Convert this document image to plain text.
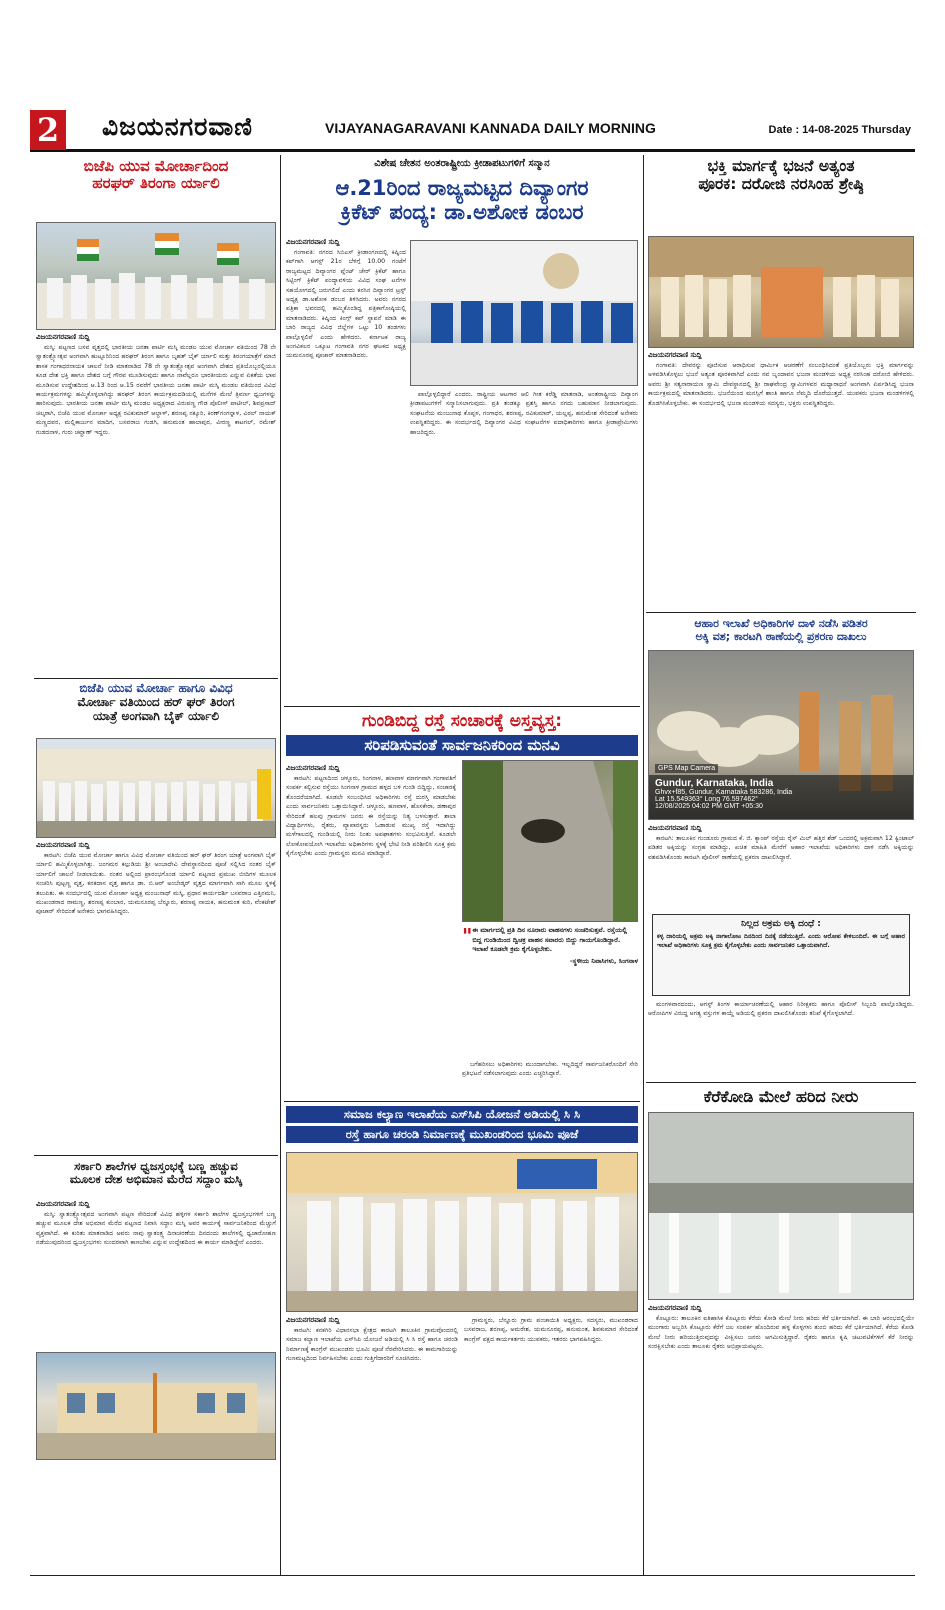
2 ವಿಜಯನಗರವಾಣಿ	VIJAYANAGARAVANI KANNADA DAILY MORNING	Date : 14-08-2025 Thursday
ಬಿಜೆಪಿ ಯುವ ಮೋರ್ಚಾದಿಂದ
ಹರಘರ್ ತಿರಂಗಾ ರ್ಯಾಲಿ
ವಿಜಯನಗರವಾಣಿ ಸುದ್ದಿ

ಮಸ್ಕಿ: ಪಟ್ಟಣದ ಬಸವ ವೃತ್ತದಲ್ಲಿ ಭಾರತೀಯ ಜನತಾ ಪಾರ್ಟಿ ಮಸ್ಕಿ ಮಂಡಲ ಯುವ ಮೋರ್ಚಾ ವತಿಯಿಂದ 78 ನೇ ಸ್ವಾತಂತ್ರ್ಯೋತ್ಸವ ಅಂಗವಾಗಿ ಹುಟ್ಟೂರಿನಿಂದ ಹರಘರ್ ತಿರಂಗ ಹಾಗೂ ಬೃಹತ್ ಬೈಕ್ ರ್ಯಾಲಿ ಮತ್ತು ತಿರಂಗಯಾತ್ರೆಗೆ ಮಾಜಿ ಶಾಸಕ ಗಂಗಾಧರನಾಯಕ ಚಾಲನೆ ನೀಡಿ ಮಾತನಾಡಿದ 78 ನೇ ಸ್ವಾತಂತ್ರ್ಯೋತ್ಸವ ಅಂಗವಾಗಿ ದೇಶದ ಪ್ರತಿಯೊಬ್ಬರಲ್ಲಿಯೂ ಕೂಡ ದೇಶ ಭಕ್ತಿ ಹಾಗೂ ದೇಶದ ಬಗ್ಗೆ ಗೌರವ ಮೂಡಿಸುವುದು ಹಾಗೂ ನಾವೆಲ್ಲರೂ ಭಾರತೀಯರು ಎನ್ನುವ ಏಕತೆಯ ಭಾವ ಮೂಡಿಸುವ ಉದ್ದೇಶದಿಂದ ಆ.13 ರಿಂದ ಆ.15 ರವರೆಗೆ ಭಾರತೀಯ ಜನತಾ ಪಾರ್ಟಿ ಮಸ್ಕಿ ಮಂಡಲ ವತಿಯಿಂದ ವಿವಿಧ ಕಾರ್ಯಕ್ರಮಗಳನ್ನು ಹಮ್ಮಿಕೊಳ್ಳಲಾಗಿದ್ದು ಹರಘರ್ ತಿರಂಗ ಕಾರ್ಯಕ್ರಮದಡಿಯಲ್ಲಿ ಮನೆಗಳ ಮೇಲೆ ತ್ರಿವರ್ಣ ಧ್ವಜಗಳನ್ನು ಹಾರಿಸುವುದು. ಭಾರತೀಯ ಜನತಾ ಪಾರ್ಟಿ ಮಸ್ಕಿ ಮಂಡಲ ಅಧ್ಯಕ್ಷರಾದ ವಿರುಪಣ್ಣ ಗೌಡ ಪೊಲೀಸ್ ಪಾಟೀಲ್, ಶಿವಪ್ರಸಾದ್ ಚಿಲ್ಕರಾಗಿ, ಬಿಜೆಪಿ ಯುವ ಮೋರ್ಚಾ ಅಧ್ಯಕ್ಷ ರವಿಕುಮಾರ್ ಆಲ್ದಾಳ್, ಶರಣಪ್ಪ ನಕ್ಕೂರಿ, ಕಿರಣ್‌ಗಂಗನ್ನಾಳ, ವಿಠಲ್ ನಾಯಕ್ ಮಣ್ಣದವರ, ಮಲ್ಲಿಕಾರ್ಜುನ ಮಾದಿಗ, ಬಸವರಾಜ ಗುಡಗಿ, ಹನುಮಂತ ಹಾಲಾಪುರ, ವೀರಣ್ಣ ಕಾಟಗಲ್, ರಮೇಶ್ ಗುಡದನಾಳ, ಗುರು ಚವ್ಹಾಣ್ ಇದ್ದರು.

ಬಿಜೆಪಿ ಯುವ ಮೋರ್ಚಾ ಹಾಗೂ ವಿವಿಧ
ಮೋರ್ಚಾ ವತಿಯಿಂದ ಹರ್ ಘರ್ ತಿರಂಗ
ಯಾತ್ರೆ ಅಂಗವಾಗಿ ಬೈಕ್ ರ್ಯಾಲಿ
ವಿಜಯನಗರವಾಣಿ ಸುದ್ದಿ

ಕಾರಟಗಿ: ಬಿಜೆಪಿ ಯುವ ಮೋರ್ಚಾ ಹಾಗೂ ವಿವಿಧ ಮೋರ್ಚಾ ವತಿಯಿಂದ ಹರ್ ಘರ್ ತಿರಂಗ ಯಾತ್ರೆ ಅಂಗವಾಗಿ ಬೈಕ್ ರ್ಯಾಲಿ ಹಮ್ಮಿಕೊಳ್ಳಲಾಗಿತ್ತು. ಜಂಗಮರ ಕಲ್ಗುಡಿಯ ಶ್ರೀ ಅಂಬಾದೇವಿ ದೇವಸ್ಥಾನದಿಂದ ಪೂಜೆ ಸಲ್ಲಿಸಿದ ನಂತರ ಬೈಕ್ ರ್ಯಾಲಿಗೆ ಚಾಲನೆ ನೀಡಲಾಯಿತು. ನಂತರ ಅಲ್ಲಿಂದ ಪ್ರಾರಂಭಗೊಂಡ ರ್ಯಾಲಿ ಪಟ್ಟಣದ ಪ್ರಮುಖ ಬೀದಿಗಳ ಮೂಲಕ ಸಂಚರಿಸಿ ಪುಟ್ಟಣ್ಣ ವೃತ್ತ, ಕನಕದಾಸ ವೃತ್ತ ಹಾಗೂ ಡಾ. ಬಿ.ಆರ್ ಅಂಬೇಡ್ಕರ್ ವೃತ್ತದ ಮಾರ್ಗವಾಗಿ ಸಾಗಿ ಮೂಲ ಸ್ಥಳಕ್ಕೆ ತಲುಪಿತು. ಈ ಸಂದರ್ಭದಲ್ಲಿ ಯುವ ಮೋರ್ಚಾ ಅಧ್ಯಕ್ಷ ಮಂಜುನಾಥ್ ಮಸ್ಕಿ, ಪ್ರಧಾನ ಕಾರ್ಯದರ್ಶಿ ಬಸವರಾಜ ಎತ್ತಿನಮನಿ, ಮುಖಂಡರಾದ ರಾಮಣ್ಣ, ಶರಣಪ್ಪ ಕುಂಬಾರ, ಯಮನೂರಪ್ಪ ಬೆನ್ನೂರು, ಶರಣಪ್ಪ ನಾಯಕ, ಹನುಮಂತ ಕುರಿ, ವೆಂಕಟೇಶ್ ಪೂಜಾರ್ ಸೇರಿದಂತೆ ಅನೇಕರು ಭಾಗವಹಿಸಿದ್ದರು.

ಸರ್ಕಾರಿ ಶಾಲೆಗಳ ಧ್ವಜಸ್ತಂಭಕ್ಕೆ ಬಣ್ಣ ಹಚ್ಚುವ
ಮೂಲಕ ದೇಶ ಅಭಿಮಾನ ಮೆರೆದ ಸದ್ದಾಂ ಮಸ್ಕಿ
ವಿಜಯನಗರವಾಣಿ ಸುದ್ದಿ

ಮಸ್ಕಿ: ಸ್ವಾತಂತ್ರ್ಯೋತ್ಸವದ ಅಂಗವಾಗಿ ಪಟ್ಟಣ ಸೇರಿದಂತೆ ವಿವಿಧ ಹಳ್ಳಿಗಳ ಸರ್ಕಾರಿ ಶಾಲೆಗಳ ಧ್ವಜಸ್ತಂಭಗಳಿಗೆ ಬಣ್ಣ ಹಚ್ಚುವ ಮೂಲಕ ದೇಶ ಅಭಿಮಾನ ಮೆರೆದ ಪಟ್ಟಣದ ನಿವಾಸಿ ಸದ್ದಾಂ ಮಸ್ಕಿ ಅವರ ಕಾರ್ಯಕ್ಕೆ ಸಾರ್ವಜನಿಕರಿಂದ ಮೆಚ್ಚುಗೆ ವ್ಯಕ್ತವಾಗಿದೆ. ಈ ಕುರಿತು ಮಾತನಾಡಿದ ಅವರು ನಾವು ಸ್ವಾತಂತ್ರ್ಯ ದಿನಾಚರಣೆಯ ದಿನದಂದು ಶಾಲೆಗಳಲ್ಲಿ ಧ್ವಜಾರೋಹಣ ನಡೆಯುವುದರಿಂದ ಧ್ವಜಸ್ತಂಭಗಳು ಸುಂದರವಾಗಿ ಕಾಣಬೇಕು ಎನ್ನುವ ಉದ್ದೇಶದಿಂದ ಈ ಕಾರ್ಯ ಮಾಡಿದ್ದೇನೆ ಎಂದರು.

ವಿಶೇಷ ಚೇತನ ಅಂತರಾಷ್ಟ್ರೀಯ ಕ್ರೀಡಾಪಟುಗಳಿಗೆ ಸನ್ಮಾನ
ಆ.21ರಿಂದ ರಾಜ್ಯಮಟ್ಟದ ದಿವ್ಯಾಂಗರ
ಕ್ರಿಕೆಟ್ ಪಂದ್ಯ: ಡಾ.ಅಶೋಕ ಡಂಬರ
ವಿಜಯನಗರವಾಣಿ ಸುದ್ದಿ

ಗಂಗಾವತಿ: ನಗರದ ಸಿಬಿಎಸ್ ಕ್ರೀಡಾಂಗಣದಲ್ಲಿ ಕಿಷ್ಕಿಂದ ಕಪ್‌ಗಾಗಿ ಆಗಸ್ಟ್ 21ರ ಬೆಳಿಗ್ಗೆ 10.00 ಗಂಟೆಗೆ ರಾಜ್ಯಮಟ್ಟದ ದಿವ್ಯಾಂಗರ ಪ್ಲೆಂಟ್ ಚೇರ್ ಕ್ರಿಕೆಟ್ ಹಾಗೂ ಸಿಟ್ಟಿಂಗ್ ಕ್ರಿಕೆಟ್ ಪಂದ್ಯಾವಳಿಯ ವಿವಿಧ ಸಂಘ ಟನೆಗಳ ಸಹಯೋಗದಲ್ಲಿ ಜರುಗಲಿದೆ ಎಂದು ಕನಸಿನ ದಿವ್ಯಾಂಗರ ಟ್ರಸ್ಟ್ ಅಧ್ಯಕ್ಷ ಡಾ.ಅಶೋಕ ಡಂಬರ ತಿಳಿಸಿದರು. ಅವರು ನಗರದ ಪತ್ರಿಕಾ ಭವನದಲ್ಲಿ ಹಮ್ಮಿಕೊಂಡಿದ್ದ ಪತ್ರಿಕಾಗೋಷ್ಠಿಯಲ್ಲಿ ಮಾತನಾಡಿದರು. ಕಿಷ್ಕಿಂದ ಕಿಂಗ್ಸ್ ಕಪ್ ಸ್ಥಾಪನೆ ಮಾಡಿ ಈ ಬಾರಿ ರಾಜ್ಯದ ವಿವಿಧ ಜಿಲ್ಲೆಗಳ ಒಟ್ಟು 10 ತಂಡಗಳು ಪಾಲ್ಗೊಳ್ಳಲಿವೆ ಎಂದು ಹೇಳಿದರು. ಕರ್ನಾಟಕ ರಾಜ್ಯ ಅಂಗವಿಕಲರ ಒಕ್ಕೂಟ ಗಂಗಾವತಿ ನಗರ ಘಟಕದ ಅಧ್ಯಕ್ಷ ಯಮನೂರಪ್ಪ ಪೂಜಾರ್ ಮಾತನಾಡಿದರು.

ಪಾಲ್ಗೊಳ್ಳಲಿದ್ದಾರೆ ಎಂದರು. ರಾಷ್ಟ್ರೀಯ ಆಟಗಾರ ಆಲಿ ಗೀತ ಕರೆಡ್ಡಿ ಮಾತನಾಡಿ, ಅಂತರಾಷ್ಟ್ರೀಯ ದಿವ್ಯಾಂಗ ಕ್ರೀಡಾಪಟುಗಳಿಗೆ ಸನ್ಮಾನಿಸಲಾಗುವುದು. ಪ್ರತಿ ತಂಡಕ್ಕೂ ಪ್ರಶಸ್ತಿ ಹಾಗೂ ನಗದು ಬಹುಮಾನ ನೀಡಲಾಗುವುದು. ಸಂಘಟನೆಯ ಮಂಜುನಾಥ ಕೊಪ್ಪಳ, ಗಂಗಾಧರ, ಶರಣಪ್ಪ, ರವಿಕುಮಾರ್, ಯಲ್ಲಪ್ಪ, ಹನುಮೇಶ ಸೇರಿದಂತೆ ಅನೇಕರು ಉಪಸ್ಥಿತರಿದ್ದರು. ಈ ಸಂದರ್ಭದಲ್ಲಿ ದಿವ್ಯಾಂಗರ ವಿವಿಧ ಸಂಘಟನೆಗಳ ಪದಾಧಿಕಾರಿಗಳು ಹಾಗೂ ಕ್ರೀಡಾಪ್ರೇಮಿಗಳು ಹಾಜರಿದ್ದರು.

ಗುಂಡಿಬಿದ್ದ ರಸ್ತೆ ಸಂಚಾರಕ್ಕೆ ಅಸ್ತವ್ಯಸ್ತ:
ಸರಿಪಡಿಸುವಂತೆ ಸಾರ್ವಜನಿಕರಿಂದ ಮನವಿ
ವಿಜಯನಗರವಾಣಿ ಸುದ್ದಿ

ಕಾರಟಗಿ: ಪಟ್ಟಣದಿಂದ ಚಳ್ಳೂರು, ಸಿಂಗನಾಳ, ಹಣವಾಳ ಮಾರ್ಗವಾಗಿ ಗಂಗಾವತಿಗೆ ಸಂಪರ್ಕ ಕಲ್ಪಿಸುವ ರಸ್ತೆಯು ಸಿಂಗನಾಳ ಗ್ರಾಮದ ಹಳ್ಳದ ಬಳಿ ಗುಂಡಿ ಬಿದ್ದಿದ್ದು, ಸಂಚಾರಕ್ಕೆ ತೊಂದರೆಯಾಗಿದೆ. ಕೂಡಲೇ ಸಂಬಂಧಿಸಿದ ಅಧಿಕಾರಿಗಳು ರಸ್ತೆ ದುರಸ್ತಿ ಮಾಡಬೇಕು ಎಂದು ಸಾರ್ವಜನಿಕರು ಒತ್ತಾಯಿಸಿದ್ದಾರೆ. ಚಳ್ಳೂರು, ಹಣವಾಳ, ಹೊಸಕೇರಾ, ಡಣಾಪುರ ಸೇರಿದಂತೆ ಹಲವು ಗ್ರಾಮಗಳ ಜನರು ಈ ರಸ್ತೆಯನ್ನು ನಿತ್ಯ ಬಳಸುತ್ತಾರೆ. ಶಾಲಾ ವಿದ್ಯಾರ್ಥಿಗಳು, ರೈತರು, ವ್ಯಾಪಾರಸ್ಥರು ಓಡಾಡುವ ಮುಖ್ಯ ರಸ್ತೆ ಇದಾಗಿದ್ದು ಮಳೆಗಾಲದಲ್ಲಿ ಗುಂಡಿಯಲ್ಲಿ ನೀರು ನಿಂತು ಅಪಘಾತಗಳು ಸಂಭವಿಸುತ್ತಿವೆ. ಕೂಡಲೇ ಲೋಕೋಪಯೋಗಿ ಇಲಾಖೆಯ ಅಧಿಕಾರಿಗಳು ಸ್ಥಳಕ್ಕೆ ಭೇಟಿ ನೀಡಿ ಪರಿಶೀಲಿಸಿ ಸೂಕ್ತ ಕ್ರಮ ಕೈಗೊಳ್ಳಬೇಕು ಎಂದು ಗ್ರಾಮಸ್ಥರು ಮನವಿ ಮಾಡಿದ್ದಾರೆ.

" ಈ ಮಾರ್ಗದಲ್ಲಿ ಪ್ರತಿ ದಿನ ನೂರಾರು ವಾಹನಗಳು ಸಂಚರಿಸುತ್ತವೆ. ರಸ್ತೆಯಲ್ಲಿ ಬಿದ್ದ ಗುಂಡಿಯಿಂದ ದ್ವಿಚಕ್ರ ವಾಹನ ಸವಾರರು ಬಿದ್ದು ಗಾಯಗೊಂಡಿದ್ದಾರೆ. ಇಲಾಖೆ ಕೂಡಲೇ ಕ್ರಮ ಕೈಗೊಳ್ಳಬೇಕು.
-ಸ್ಥಳೀಯ ನಿವಾಸಿಗಳು, ಸಿಂಗನಾಳ

ಬಗೆಹರಿಸಲು ಅಧಿಕಾರಿಗಳು ಮುಂದಾಗಬೇಕು. ಇಲ್ಲದಿದ್ದರೆ ಸಾರ್ವಜನಿಕರೊಂದಿಗೆ ಸೇರಿ ಪ್ರತಿಭಟನೆ ನಡೆಸಲಾಗುವುದು ಎಂದು ಎಚ್ಚರಿಸಿದ್ದಾರೆ.

ಸಮಾಜ ಕಲ್ಯಾಣ ಇಲಾಖೆಯ ಎಸ್‌ಸಿಪಿ ಯೋಜನೆ ಅಡಿಯಲ್ಲಿ ಸಿ ಸಿ
ರಸ್ತೆ ಹಾಗೂ ಚರಂಡಿ ನಿರ್ಮಾಣಕ್ಕೆ ಮುಖಂಡರಿಂದ ಭೂಮಿ ಪೂಜೆ
ವಿಜಯನಗರವಾಣಿ ಸುದ್ದಿ

ಕಾರಟಗಿ: ಕನಕಗಿರಿ ವಿಧಾನಸಭಾ ಕ್ಷೇತ್ರದ ಕಾರಟಗಿ ತಾಲೂಕಿನ ಗ್ರಾಮವೊಂದರಲ್ಲಿ ಸಮಾಜ ಕಲ್ಯಾಣ ಇಲಾಖೆಯ ಎಸ್‌ಸಿಪಿ ಯೋಜನೆ ಅಡಿಯಲ್ಲಿ ಸಿ ಸಿ ರಸ್ತೆ ಹಾಗೂ ಚರಂಡಿ ನಿರ್ಮಾಣಕ್ಕೆ ಕಾಂಗ್ರೆಸ್ ಮುಖಂಡರು ಭೂಮಿ ಪೂಜೆ ನೆರವೇರಿಸಿದರು. ಈ ಕಾಮಗಾರಿಯನ್ನು ಗುಣಮಟ್ಟದಿಂದ ನಿರ್ವಹಿಸಬೇಕು ಎಂದು ಗುತ್ತಿಗೆದಾರರಿಗೆ ಸೂಚಿಸಿದರು.

ಗ್ರಾಮಸ್ಥರು, ಬೆನ್ನೂರು ಗ್ರಾಮ ಪಂಚಾಯಿತಿ ಅಧ್ಯಕ್ಷರು, ಸದಸ್ಯರು, ಮುಖಂಡರಾದ ಬಸವರಾಜ, ಶರಣಪ್ಪ, ಅಮರೇಶ, ಯಮನೂರಪ್ಪ, ಹನುಮಂತ, ಶಿವಕುಮಾರ ಸೇರಿದಂತೆ ಕಾಂಗ್ರೆಸ್ ಪಕ್ಷದ ಕಾರ್ಯಕರ್ತರು ಯುವಕರು, ಇತರರು ಭಾಗವಹಿಸಿದ್ದರು.

ಭಕ್ತಿ ಮಾರ್ಗಕ್ಕೆ ಭಜನೆ ಅತ್ಯಂತ
ಪೂರಕ: ದರೋಜಿ ನರಸಿಂಹ ಶ್ರೇಷ್ಠಿ
ವಿಜಯನಗರವಾಣಿ ಸುದ್ದಿ

ಗಂಗಾವತಿ: ದೇವರನ್ನು ಪೂಜಿಸುವ ಆರಾಧಿಸುವ ಧಾರ್ಮಿಕ ಆಚರಣೆಗೆ ಸಂಬಂಧಿಸಿದಂತೆ ಪ್ರತಿಯೊಬ್ಬರು ಭಕ್ತಿ ಮಾರ್ಗವನ್ನು ಅಳವಡಿಸಿಕೊಳ್ಳಲು ಭಜನೆ ಅತ್ಯಂತ ಪೂರಕವಾಗಿದೆ ಎಂದು ನವ ಬೃಂದಾವನ ಭಜನಾ ಮಂಡಳಿಯ ಅಧ್ಯಕ್ಷ ನರಸಿಂಹ ದರೋಜಿ ಹೇಳಿದರು. ಅವರು ಶ್ರೀ ಸತ್ಯನಾರಾಯಣ ಸ್ವಾಮಿ ದೇವಸ್ಥಾನದಲ್ಲಿ ಶ್ರೀ ರಾಘವೇಂದ್ರ ಸ್ವಾಮಿಗಳವರ ಮಧ್ಯಾರಾಧನೆ ಅಂಗವಾಗಿ ಏರ್ಪಡಿಸಿದ್ದ ಭಜನಾ ಕಾರ್ಯಕ್ರಮದಲ್ಲಿ ಮಾತನಾಡಿದರು. ಭಜನೆಯಿಂದ ಮನಸ್ಸಿಗೆ ಶಾಂತಿ ಹಾಗೂ ನೆಮ್ಮದಿ ದೊರೆಯುತ್ತದೆ. ಯುವಕರು ಭಜನಾ ಮಂಡಳಿಗಳಲ್ಲಿ ತೊಡಗಿಸಿಕೊಳ್ಳಬೇಕು. ಈ ಸಂದರ್ಭದಲ್ಲಿ ಭಜನಾ ಮಂಡಳಿಯ ಸದಸ್ಯರು, ಭಕ್ತರು ಉಪಸ್ಥಿತರಿದ್ದರು.

ಆಹಾರ ಇಲಾಖೆ ಅಧಿಕಾರಿಗಳ ದಾಳಿ ನಡೆಸಿ ಪಡಿತರ
ಅಕ್ಕಿ ವಶ; ಕಾರಟಗಿ ಠಾಣೆಯಲ್ಲಿ ಪ್ರಕರಣ ದಾಖಲು
Gundur, Karnataka, India
Ghvx+f85, Gundur, Karnataka 583286, India
Lat 15.549363° Long 76.597462°
12/08/2025 04:02 PM GMT +05:30
GPS Map Camera
ವಿಜಯನಗರವಾಣಿ ಸುದ್ದಿ

ಕಾರಟಗಿ: ತಾಲೂಕಿನ ಗುಂಡೂರು ಗ್ರಾಮದ ಕೆ. ಜಿ. ಕ್ಯಾಂಪ್ ರಸ್ತೆಯ ರೈಸ್ ಮಿಲ್ ಹತ್ತಿರ ಶೆಡ್ ಒಂದರಲ್ಲಿ ಅಕ್ರಮವಾಗಿ 12 ಕ್ವಿಂಟಾಲ್ ಪಡಿತರ ಅಕ್ಕಿಯನ್ನು ಸಂಗ್ರಹ ಮಾಡಿದ್ದು, ಖಚಿತ ಮಾಹಿತಿ ಮೇರೆಗೆ ಆಹಾರ ಇಲಾಖೆಯ ಅಧಿಕಾರಿಗಳು ದಾಳಿ ನಡೆಸಿ ಅಕ್ಕಿಯನ್ನು ವಶಪಡಿಸಿಕೊಂಡು ಕಾರಟಗಿ ಪೊಲೀಸ್ ಠಾಣೆಯಲ್ಲಿ ಪ್ರಕರಣ ದಾಖಲಿಸಿದ್ದಾರೆ.

ನಿಲ್ಲದ ಅಕ್ರಮ ಅಕ್ಕಿ ದಂಧೆ :
ಕಳ್ಳ ದಾರಿಯಲ್ಲಿ ಅಕ್ರಮ ಅಕ್ಕಿ ನಾಗಾಲೋಟ ದಿನದಿಂದ ದಿನಕ್ಕೆ ನಡೆಯುತ್ತಿದೆ. ಎಂದು ಆರೋಪ ಕೇಳಿಬಂದಿದೆ. ಈ ಬಗ್ಗೆ ಆಹಾರ ಇಲಾಖೆ ಅಧಿಕಾರಿಗಳು ಸೂಕ್ತ ಕ್ರಮ ಕೈಗೊಳ್ಳಬೇಕು ಎಂದು ಸಾರ್ವಜನಿಕರ ಒತ್ತಾಯವಾಗಿದೆ.

ಮಂಗಳವಾರದಂದು, ಆಗಸ್ಟ್ ತಿಂಗಳ ಕಾರ್ಯಾಚರಣೆಯಲ್ಲಿ ಆಹಾರ ನಿರೀಕ್ಷಕರು ಹಾಗೂ ಪೊಲೀಸ್ ಸಿಬ್ಬಂದಿ ಪಾಲ್ಗೊಂಡಿದ್ದರು. ಆರೋಪಿಗಳ ವಿರುದ್ಧ ಅಗತ್ಯ ವಸ್ತುಗಳ ಕಾಯ್ದೆ ಅಡಿಯಲ್ಲಿ ಪ್ರಕರಣ ದಾಖಲಿಸಿಕೊಂಡು ತನಿಖೆ ಕೈಗೊಳ್ಳಲಾಗಿದೆ.

ಕೆರೆಕೋಡಿ ಮೇಲೆ ಹರಿದ ನೀರು
ವಿಜಯನಗರವಾಣಿ ಸುದ್ದಿ

ಕೊಟ್ಟೂರು: ತಾಲೂಕಿನ ಐತಿಹಾಸಿಕ ಕೊಟ್ಟೂರು ಕೆರೆಯ ಕೋಡಿ ಮೇಲೆ ನೀರು ಹರಿದು ಕೆರೆ ಭರ್ತಿಯಾಗಿದೆ. ಈ ಬಾರಿ ಆರಂಭದಲ್ಲಿಯೇ ಮುಂಗಾರು ಅಬ್ಬರಿಸಿ ಕೊಟ್ಟೂರು ಕೆರೆಗೆ ಜಲ ಸಂಪರ್ಕ ಹೊಂದಿರುವ ಹಳ್ಳ ಕೊಳ್ಳಗಳು ತುಂಬಿ ಹರಿದು ಕೆರೆ ಭರ್ತಿಯಾಗಿದೆ. ಕೆರೆಯ ಕೋಡಿ ಮೇಲೆ ನೀರು ಹರಿಯುತ್ತಿರುವುದನ್ನು ವೀಕ್ಷಿಸಲು ಜನರು ಆಗಮಿಸುತ್ತಿದ್ದಾರೆ. ರೈತರು ಹಾಗೂ ಕೃಷಿ ಚಟುವಟಿಕೆಗಳಿಗೆ ಕೆರೆ ನೀರನ್ನು ಸಂರಕ್ಷಿಸಬೇಕು ಎಂದು ತಾಲೂಕು ರೈತರು ಅಭಿಪ್ರಾಯಪಟ್ಟರು.
